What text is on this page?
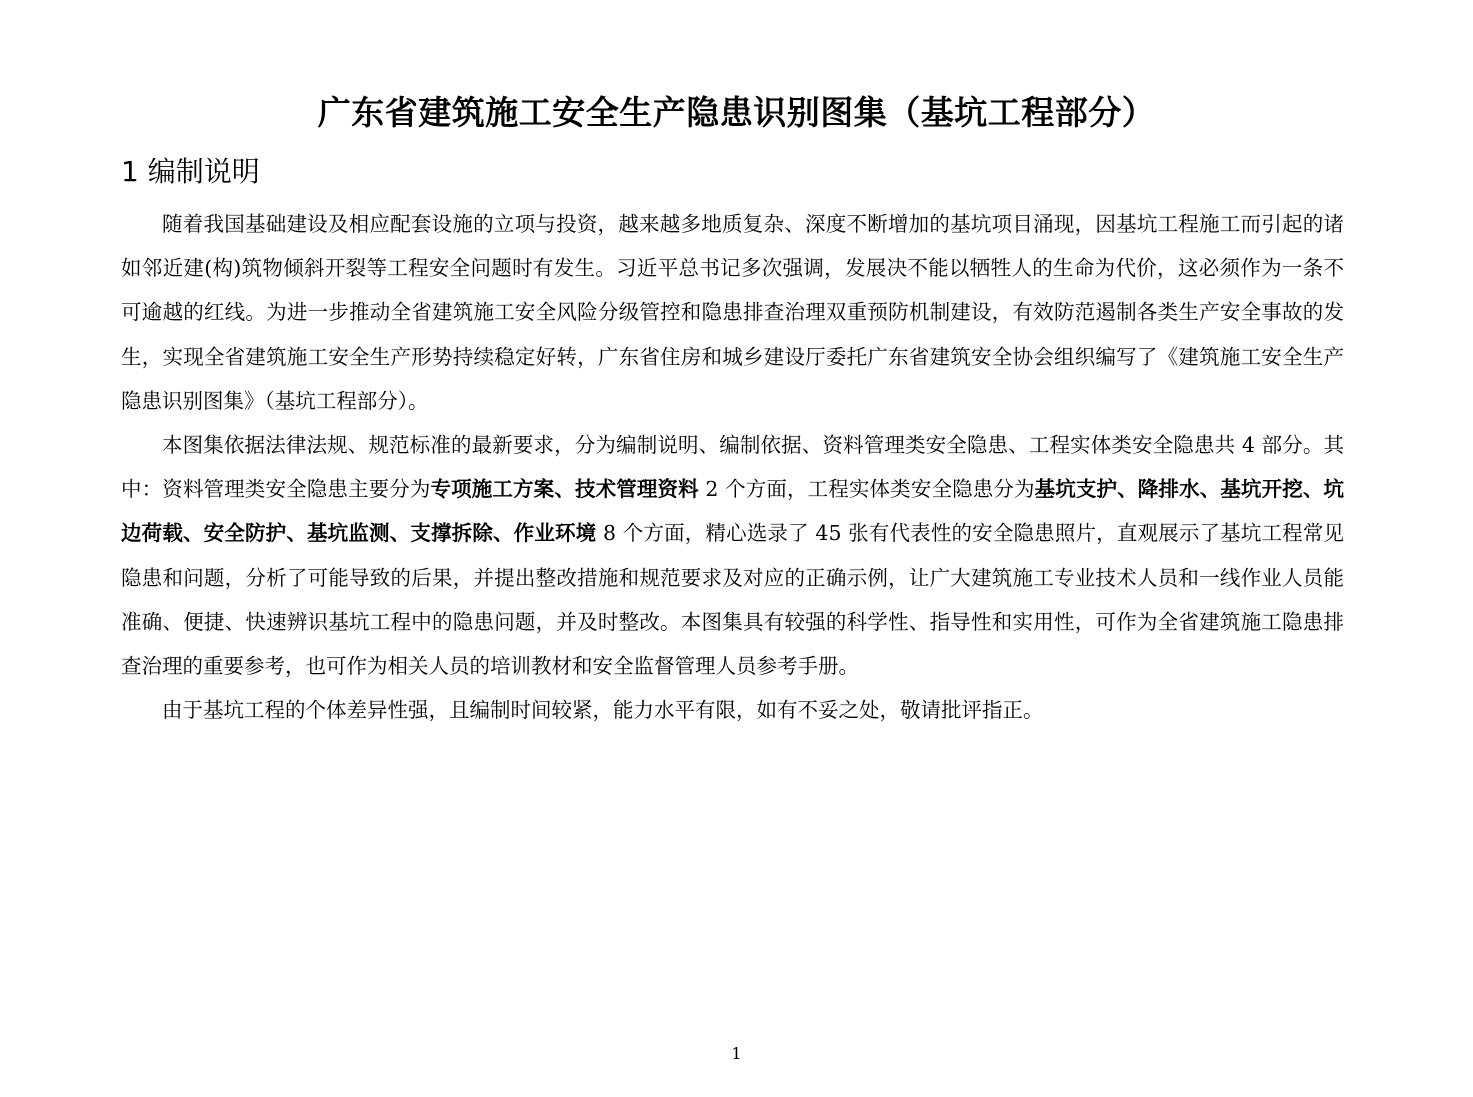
广东省建筑施工安全生产隐患识别图集（基坑工程部分）
1 编制说明

随着我国基础建设及相应配套设施的立项与投资，越来越多地质复杂、深度不断增加的基坑项目涌现，因基坑工程施工而引起的诸如邻近建(构)筑物倾斜开裂等工程安全问题时有发生。习近平总书记多次强调，发展决不能以牺牲人的生命为代价，这必须作为一条不可逾越的红线。为进一步推动全省建筑施工安全风险分级管控和隐患排查治理双重预防机制建设，有效防范遏制各类生产安全事故的发生，实现全省建筑施工安全生产形势持续稳定好转，广东省住房和城乡建设厅委托广东省建筑安全协会组织编写了《建筑施工安全生产隐患识别图集》（基坑工程部分）。

本图集依据法律法规、规范标准的最新要求，分为编制说明、编制依据、资料管理类安全隐患、工程实体类安全隐患共 4 部分。其中：资料管理类安全隐患主要分为专项施工方案、技术管理资料 2 个方面，工程实体类安全隐患分为基坑支护、降排水、基坑开挖、坑边荷载、安全防护、基坑监测、支撑拆除、作业环境 8 个方面，精心选录了 45 张有代表性的安全隐患照片，直观展示了基坑工程常见隐患和问题，分析了可能导致的后果，并提出整改措施和规范要求及对应的正确示例，让广大建筑施工专业技术人员和一线作业人员能准确、便捷、快速辨识基坑工程中的隐患问题，并及时整改。本图集具有较强的科学性、指导性和实用性，可作为全省建筑施工隐患排查治理的重要参考，也可作为相关人员的培训教材和安全监督管理人员参考手册。

由于基坑工程的个体差异性强，且编制时间较紧，能力水平有限，如有不妥之处，敬请批评指正。

1
